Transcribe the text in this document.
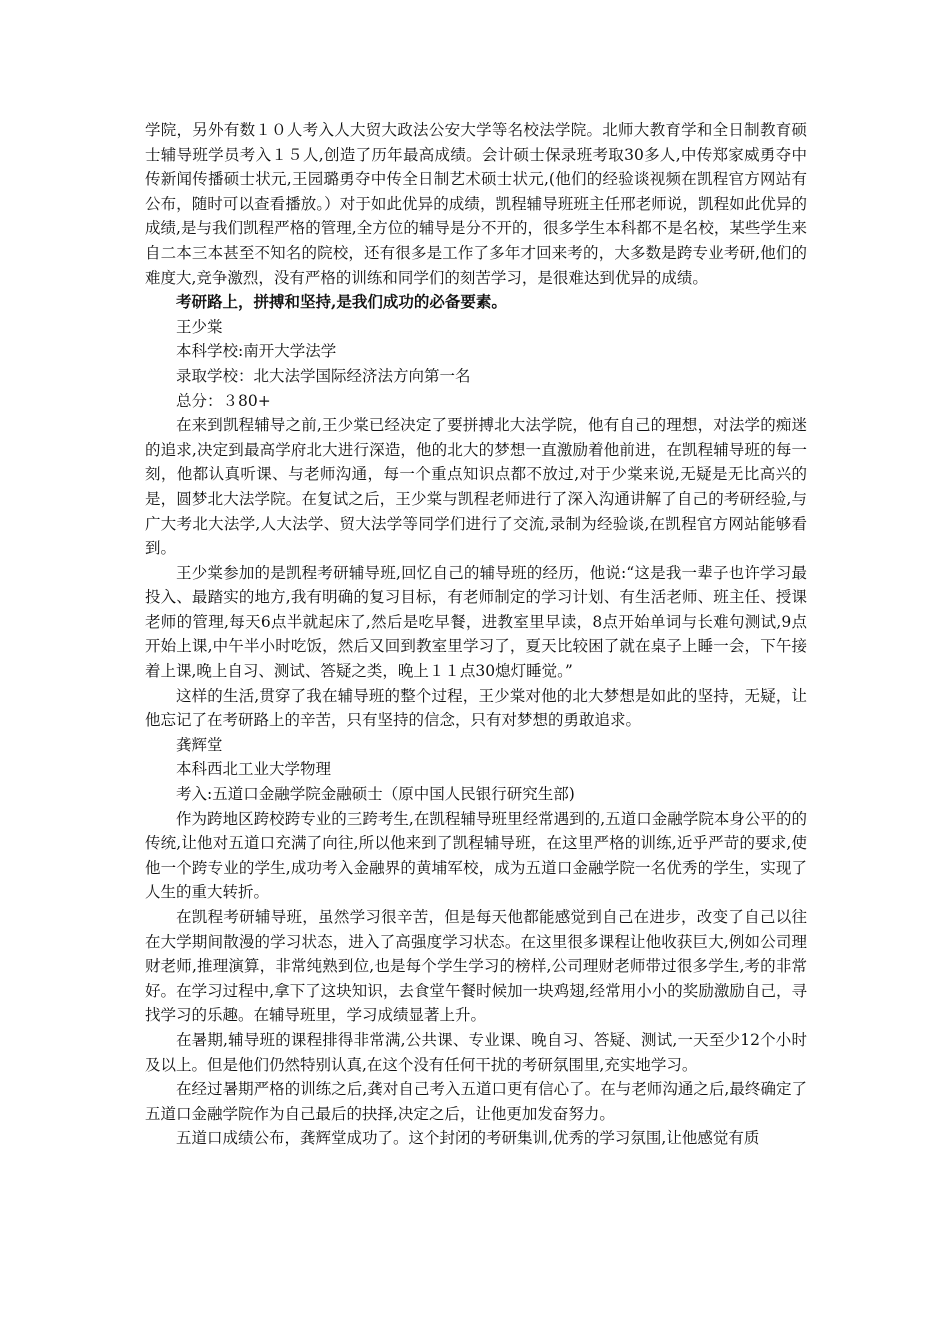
学院，另外有数１０人考入人大贸大政法公安大学等名校法学院。北师大教育学和全日制教育硕士辅导班学员考入１５人,创造了历年最高成绩。会计硕士保录班考取30多人,中传郑家威勇夺中传新闻传播硕士状元,王园璐勇夺中传全日制艺术硕士状元,(他们的经验谈视频在凯程官方网站有公布，随时可以查看播放。）对于如此优异的成绩，凯程辅导班班主任邢老师说，凯程如此优异的成绩,是与我们凯程严格的管理,全方位的辅导是分不开的，很多学生本科都不是名校，某些学生来自二本三本甚至不知名的院校，还有很多是工作了多年才回来考的，大多数是跨专业考研,他们的难度大,竞争激烈，没有严格的训练和同学们的刻苦学习，是很难达到优异的成绩。

考研路上，拼搏和坚持,是我们成功的必备要素。

王少棠

本科学校:南开大学法学

录取学校：北大法学国际经济法方向第一名

总分：３80+

在来到凯程辅导之前,王少棠已经决定了要拼搏北大法学院，他有自己的理想，对法学的痴迷的追求,决定到最高学府北大进行深造，他的北大的梦想一直激励着他前进，在凯程辅导班的每一刻，他都认真听课、与老师沟通，每一个重点知识点都不放过,对于少棠来说,无疑是无比高兴的是，圆梦北大法学院。在复试之后，王少棠与凯程老师进行了深入沟通讲解了自己的考研经验,与广大考北大法学,人大法学、贸大法学等同学们进行了交流,录制为经验谈,在凯程官方网站能够看到。

王少棠参加的是凯程考研辅导班,回忆自己的辅导班的经历，他说:“这是我一辈子也许学习最投入、最踏实的地方,我有明确的复习目标，有老师制定的学习计划、有生活老师、班主任、授课老师的管理,每天6点半就起床了,然后是吃早餐，进教室里早读，8点开始单词与长难句测试,9点开始上课,中午半小时吃饭，然后又回到教室里学习了，夏天比较困了就在桌子上睡一会，下午接着上课,晚上自习、测试、答疑之类，晚上１１点30熄灯睡觉。”

这样的生活,贯穿了我在辅导班的整个过程，王少棠对他的北大梦想是如此的坚持，无疑，让他忘记了在考研路上的辛苦，只有坚持的信念，只有对梦想的勇敢追求。

龚辉堂

本科西北工业大学物理

考入:五道口金融学院金融硕士（原中国人民银行研究生部)

作为跨地区跨校跨专业的三跨考生,在凯程辅导班里经常遇到的,五道口金融学院本身公平的的传统,让他对五道口充满了向往,所以他来到了凯程辅导班，在这里严格的训练,近乎严苛的要求,使他一个跨专业的学生,成功考入金融界的黄埔军校，成为五道口金融学院一名优秀的学生，实现了人生的重大转折。

在凯程考研辅导班，虽然学习很辛苦，但是每天他都能感觉到自己在进步，改变了自己以往在大学期间散漫的学习状态，进入了高强度学习状态。在这里很多课程让他收获巨大,例如公司理财老师,推理演算，非常纯熟到位,也是每个学生学习的榜样,公司理财老师带过很多学生,考的非常好。在学习过程中,拿下了这块知识，去食堂午餐时候加一块鸡翅,经常用小小的奖励激励自己，寻找学习的乐趣。在辅导班里，学习成绩显著上升。

在暑期,辅导班的课程排得非常满,公共课、专业课、晚自习、答疑、测试,一天至少12个小时及以上。但是他们仍然特别认真,在这个没有任何干扰的考研氛围里,充实地学习。

在经过暑期严格的训练之后,龚对自己考入五道口更有信心了。在与老师沟通之后,最终确定了五道口金融学院作为自己最后的抉择,决定之后，让他更加发奋努力。

五道口成绩公布，龚辉堂成功了。这个封闭的考研集训,优秀的学习氛围,让他感觉有质
